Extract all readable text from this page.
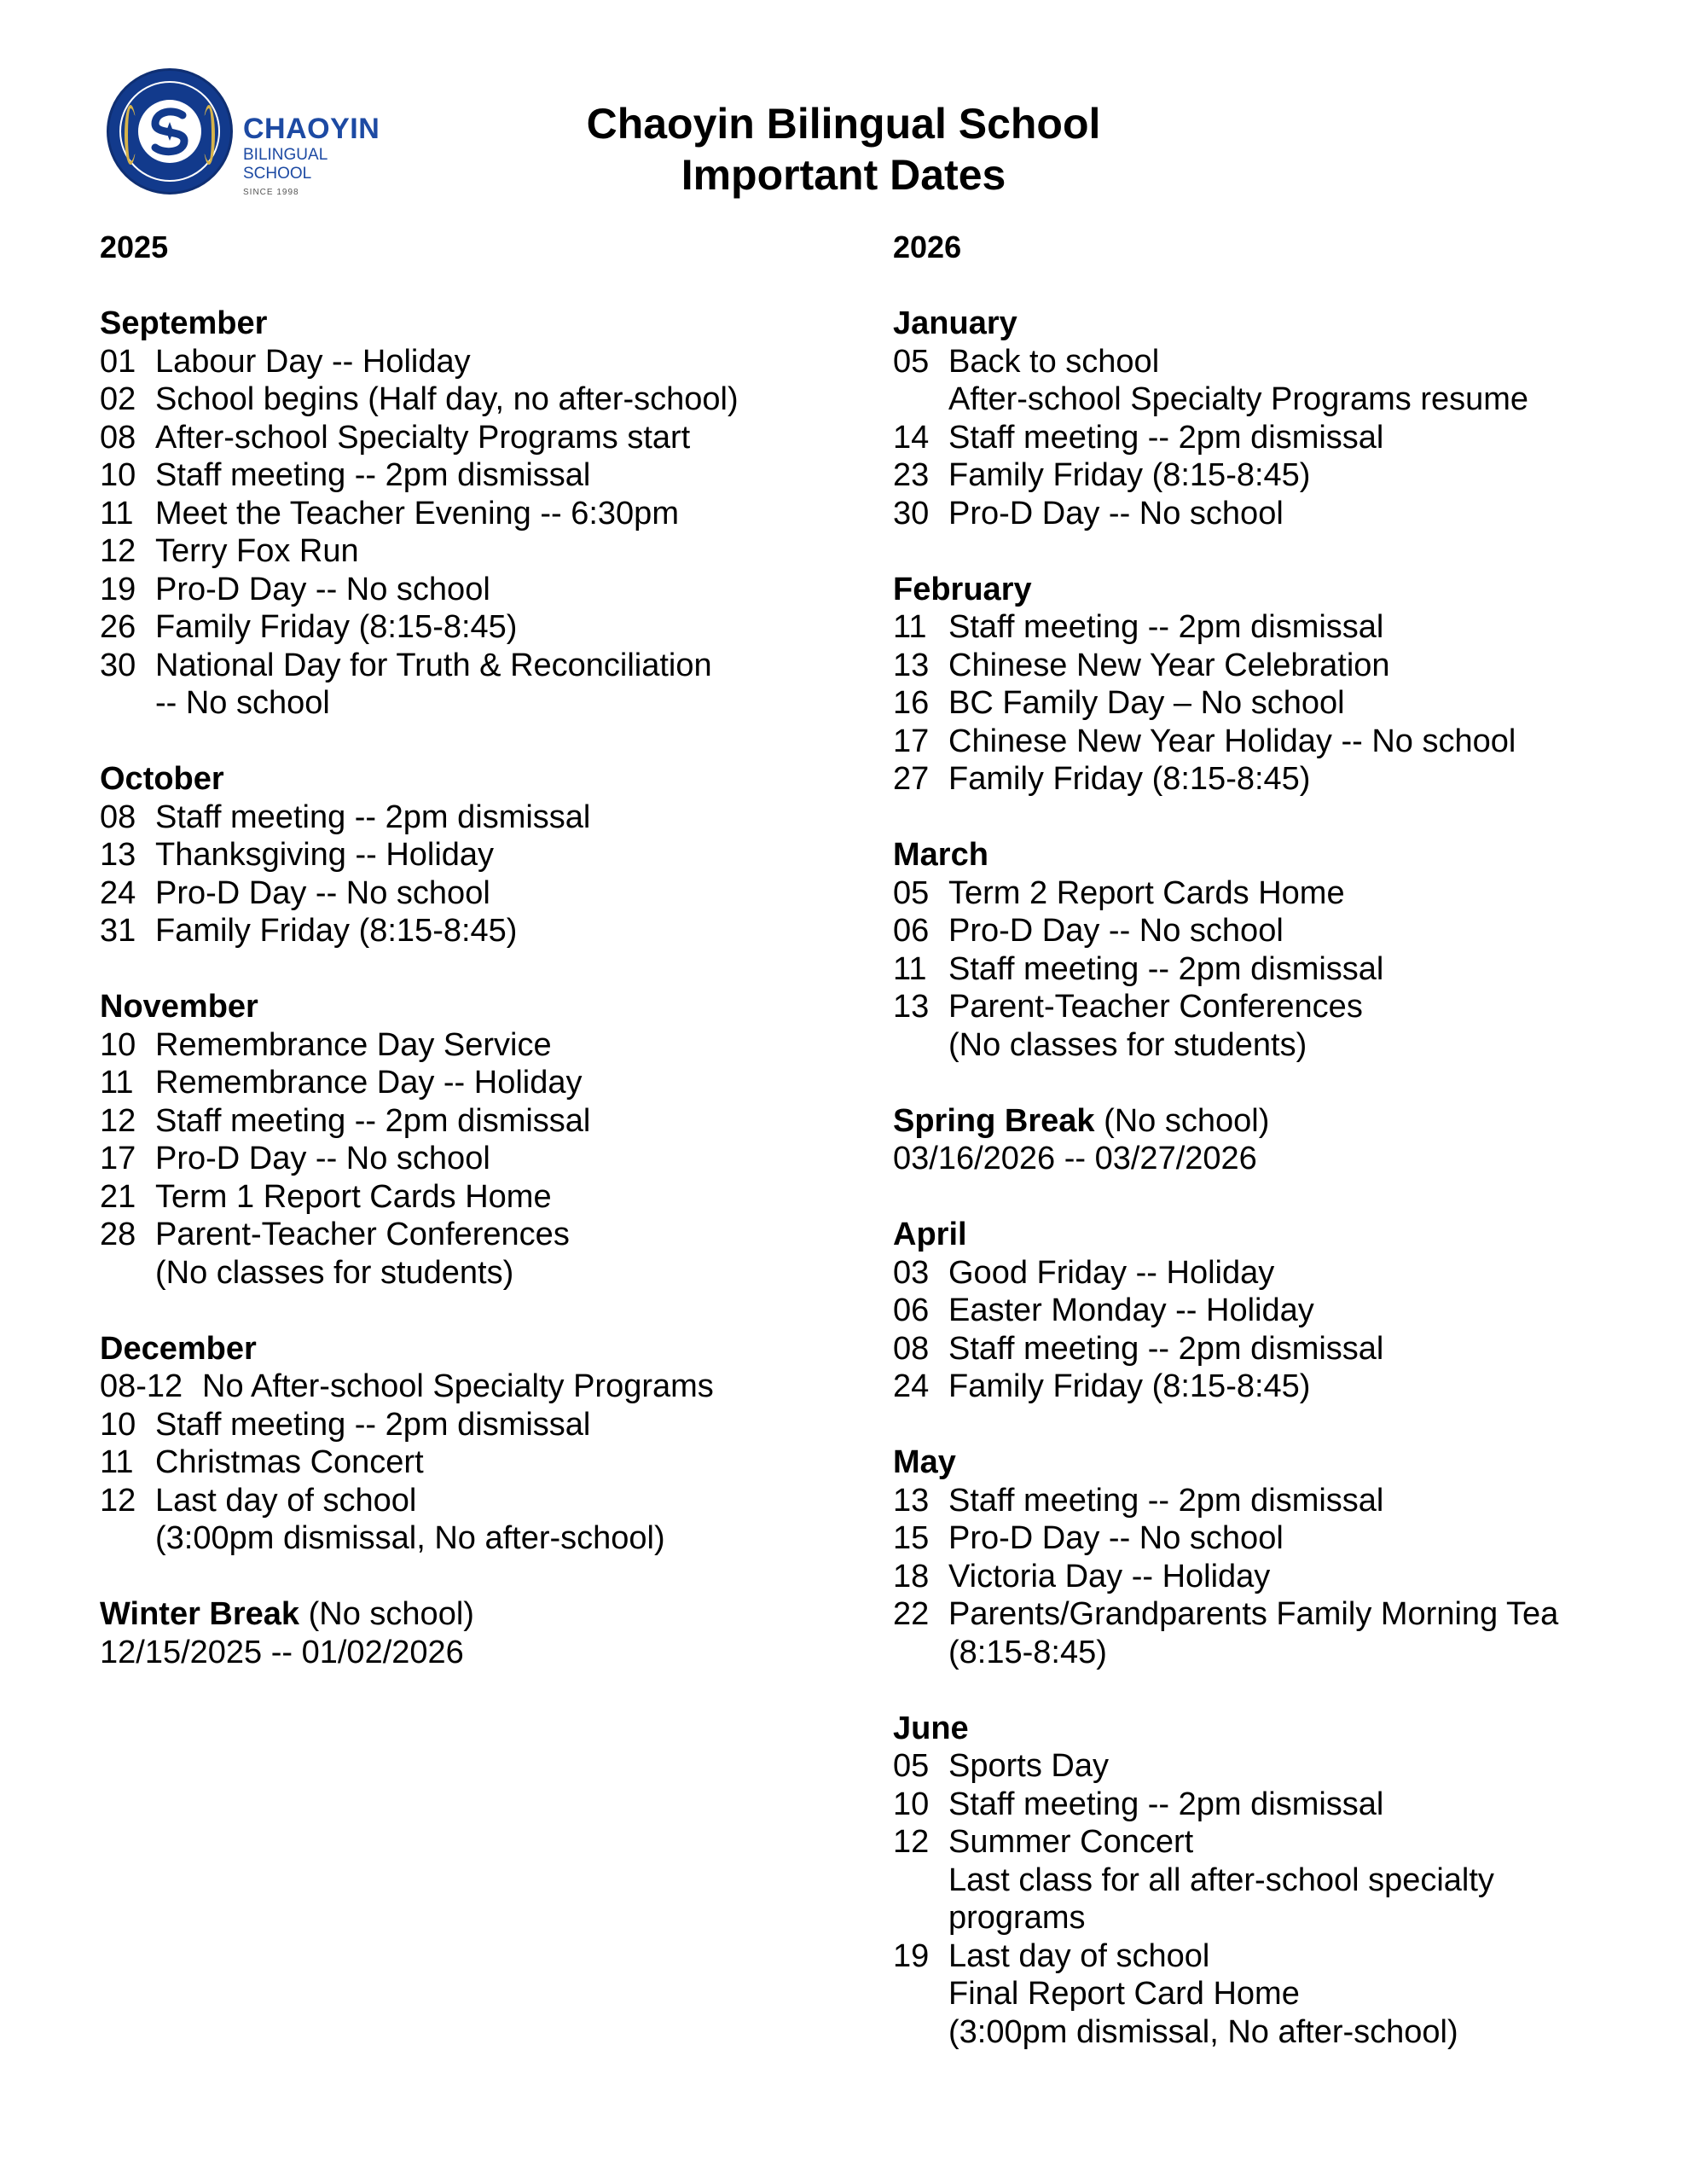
CHAOYIN
BILINGUAL
SCHOOL
SINCE 1998
Chaoyin Bilingual School
Important Dates
2025
September
01 Labour Day -- Holiday
02 School begins (Half day, no after-school)
08 After-school Specialty Programs start
10 Staff meeting -- 2pm dismissal
11 Meet the Teacher Evening -- 6:30pm
12 Terry Fox Run
19 Pro-D Day -- No school
26 Family Friday (8:15-8:45)
30 National Day for Truth & Reconciliation
-- No school
October
08 Staff meeting -- 2pm dismissal
13 Thanksgiving -- Holiday
24 Pro-D Day -- No school
31 Family Friday (8:15-8:45)
November
10 Remembrance Day Service
11 Remembrance Day -- Holiday
12 Staff meeting -- 2pm dismissal
17 Pro-D Day -- No school
21 Term 1 Report Cards Home
28 Parent-Teacher Conferences
(No classes for students)
December
08-12 No After-school Specialty Programs
10 Staff meeting -- 2pm dismissal
11 Christmas Concert
12 Last day of school
(3:00pm dismissal, No after-school)
Winter Break (No school)
12/15/2025 -- 01/02/2026
2026
January
05 Back to school
After-school Specialty Programs resume
14 Staff meeting -- 2pm dismissal
23 Family Friday (8:15-8:45)
30 Pro-D Day -- No school
February
11 Staff meeting -- 2pm dismissal
13 Chinese New Year Celebration
16 BC Family Day – No school
17 Chinese New Year Holiday -- No school
27 Family Friday (8:15-8:45)
March
05 Term 2 Report Cards Home
06 Pro-D Day -- No school
11 Staff meeting -- 2pm dismissal
13 Parent-Teacher Conferences
(No classes for students)
Spring Break (No school)
03/16/2026 -- 03/27/2026
April
03 Good Friday -- Holiday
06 Easter Monday -- Holiday
08 Staff meeting -- 2pm dismissal
24 Family Friday (8:15-8:45)
May
13 Staff meeting -- 2pm dismissal
15 Pro-D Day -- No school
18 Victoria Day -- Holiday
22 Parents/Grandparents Family Morning Tea
(8:15-8:45)
June
05 Sports Day
10 Staff meeting -- 2pm dismissal
12 Summer Concert
Last class for all after-school specialty
programs
19 Last day of school
Final Report Card Home
(3:00pm dismissal, No after-school)
